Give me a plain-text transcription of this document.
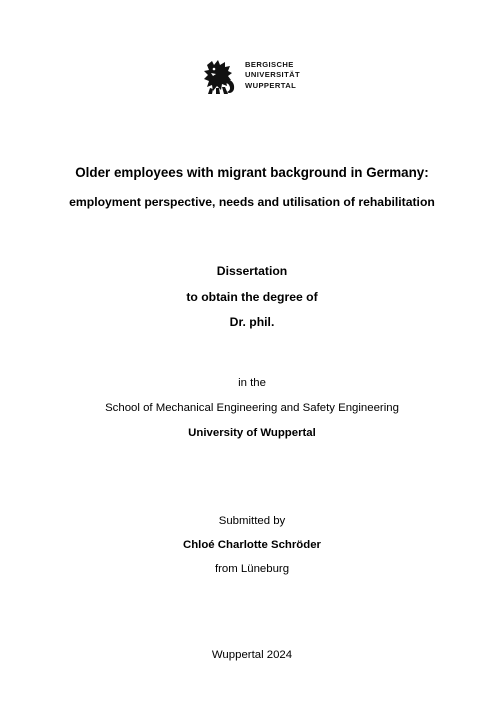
BERGISCHE
UNIVERSITÄT
WUPPERTAL
Older employees with migrant background in Germany:
employment perspective, needs and utilisation of rehabilitation
Dissertation
to obtain the degree of
Dr. phil.
in the
School of Mechanical Engineering and Safety Engineering
University of Wuppertal
Submitted by
Chloé Charlotte Schröder
from Lüneburg
Wuppertal 2024
